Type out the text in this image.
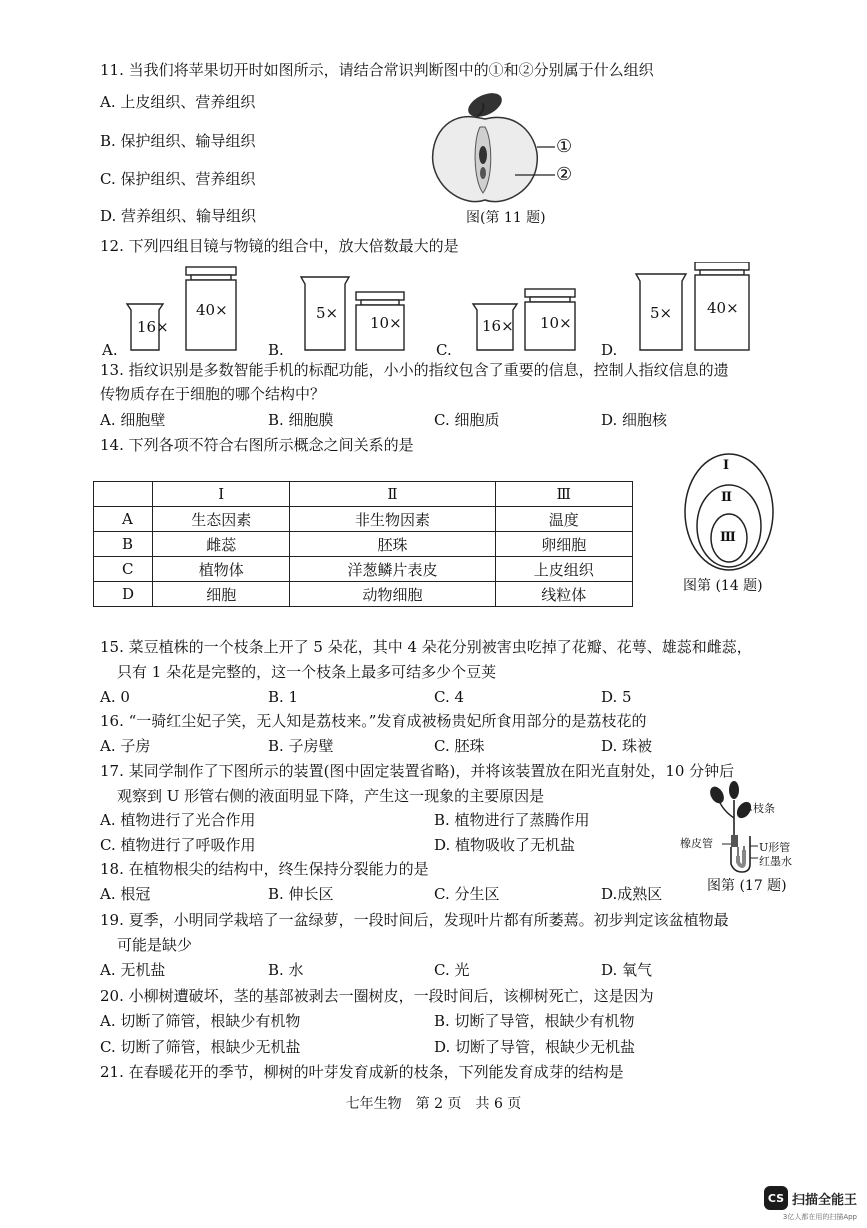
11. 当我们将苹果切开时如图所示，请结合常识判断图中的①和②分别属于什么组织
A. 上皮组织、营养组织
B. 保护组织、输导组织
C. 保护组织、营养组织
D. 营养组织、输导组织
①
②
图(第 11 题)
12. 下列四组目镜与物镜的组合中，放大倍数最大的是
16×
40×	5×
10×	16× 10×
5× 40×
A.	B.	C.	D.
13. 指纹识别是多数智能手机的标配功能，小小的指纹包含了重要的信息，控制人指纹信息的遗
传物质存在于细胞的哪个结构中？
A. 细胞壁	B. 细胞膜	C. 细胞质	D. 细胞核
14. 下列各项不符合右图所示概念之间关系的是
	Ⅰ	Ⅱ	Ⅲ
A	生态因素	非生物因素	温度
B	雌蕊	胚珠	卵细胞
C	植物体	洋葱鳞片表皮	上皮组织
D	细胞	动物细胞	线粒体
Ⅰ
Ⅱ
Ⅲ
图第 (14 题)
15. 菜豆植株的一个枝条上开了 5 朵花，其中 4 朵花分别被害虫吃掉了花瓣、花萼、雄蕊和雌蕊，
只有 1 朵花是完整的，这一个枝条上最多可结多少个豆荚
A. 0	B. 1	C. 4	D. 5
16. “一骑红尘妃子笑，无人知是荔枝来。”发育成被杨贵妃所食用部分的是荔枝花的
A. 子房	B. 子房壁	C. 胚珠	D. 珠被
17. 某同学制作了下图所示的装置(图中固定装置省略)，并将该装置放在阳光直射处，10 分钟后
观察到 U 形管右侧的液面明显下降，产生这一现象的主要原因是
A. 植物进行了光合作用	B. 植物进行了蒸腾作用
C. 植物进行了呼吸作用	D. 植物吸收了无机盐
枝条
橡皮管	U形管
红墨水
图第 (17 题)
18. 在植物根尖的结构中，终生保持分裂能力的是
A. 根冠	B. 伸长区	C. 分生区	D.成熟区
19. 夏季，小明同学栽培了一盆绿萝，一段时间后，发现叶片都有所萎蔫。初步判定该盆植物最
可能是缺少
A. 无机盐	B. 水	C. 光	D. 氧气
20. 小柳树遭破坏，茎的基部被剥去一圈树皮，一段时间后，该柳树死亡，这是因为
A. 切断了筛管，根缺少有机物	B. 切断了导管，根缺少有机物
C. 切断了筛管，根缺少无机盐	D. 切断了导管，根缺少无机盐
21. 在春暖花开的季节，柳树的叶芽发育成新的枝条，下列能发育成芽的结构是
七年生物　第 2 页　共 6 页
CS 扫描全能王
3亿人都在用的扫描App
